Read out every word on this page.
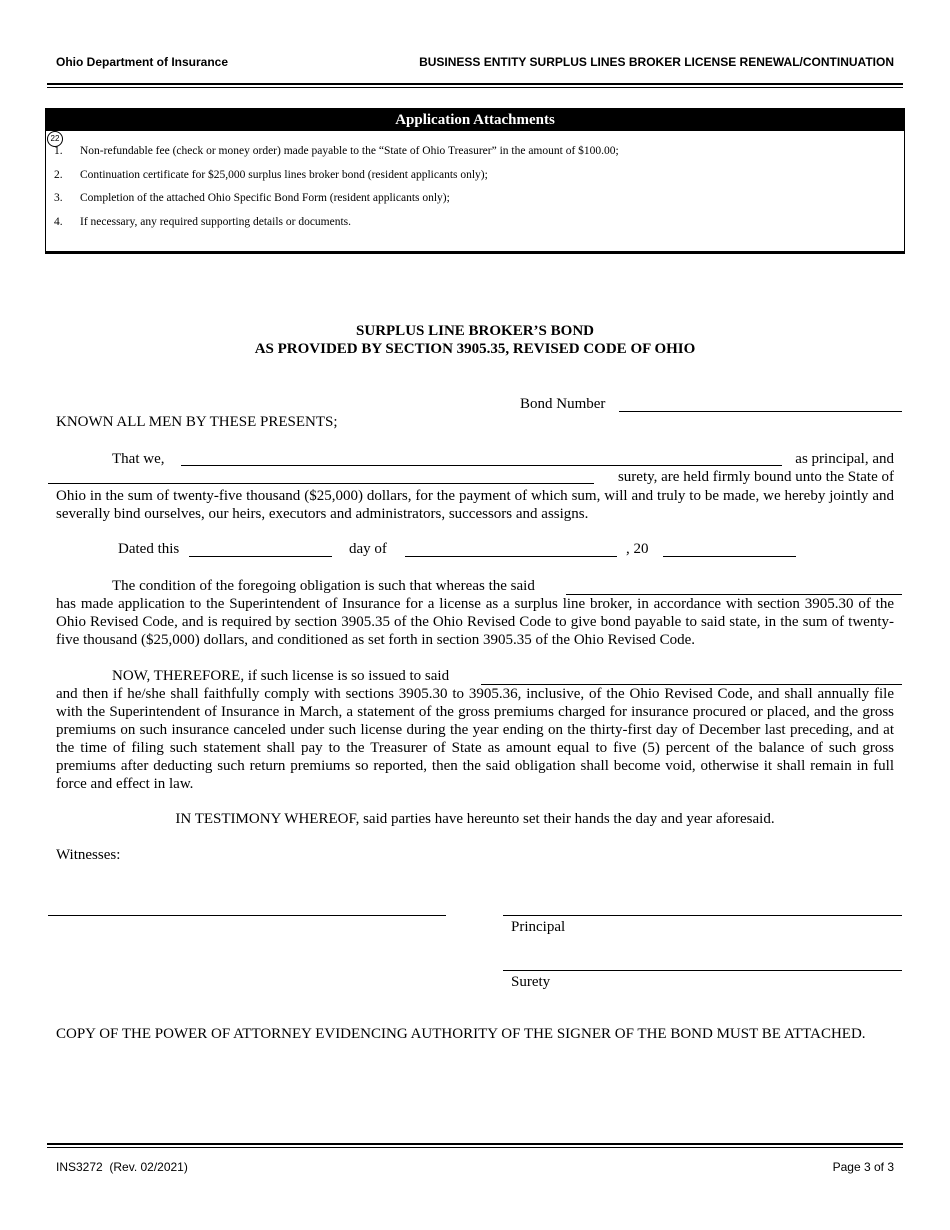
Ohio Department of Insurance	BUSINESS ENTITY SURPLUS LINES BROKER LICENSE RENEWAL/CONTINUATION
Application Attachments
22
1. Non-refundable fee (check or money order) made payable to the “State of Ohio Treasurer” in the amount of $100.00;
2. Continuation certificate for $25,000 surplus lines broker bond (resident applicants only);
3. Completion of the attached Ohio Specific Bond Form (resident applicants only);
4. If necessary, any required supporting details or documents.
SURPLUS LINE BROKER’S BOND
AS PROVIDED BY SECTION 3905.35, REVISED CODE OF OHIO
Bond Number
KNOWN ALL MEN BY THESE PRESENTS;
That we,	as principal, and
surety, are held firmly bound unto the State of
Ohio in the sum of twenty-five thousand ($25,000) dollars, for the payment of which sum, will and truly to be made, we hereby jointly and severally bind ourselves, our heirs, executors and administrators, successors and assigns.
Dated this	day of	, 20
The condition of the foregoing obligation is such that whereas the said
has made application to the Superintendent of Insurance for a license as a surplus line broker, in accordance with section 3905.30 of the Ohio Revised Code, and is required by section 3905.35 of the Ohio Revised Code to give bond payable to said state, in the sum of twenty-five thousand ($25,000) dollars, and conditioned as set forth in section 3905.35 of the Ohio Revised Code.
NOW, THEREFORE, if such license is so issued to said
and then if he/she shall faithfully comply with sections 3905.30 to 3905.36, inclusive, of the Ohio Revised Code, and shall annually file with the Superintendent of Insurance in March, a statement of the gross premiums charged for insurance procured or placed, and the gross premiums on such insurance canceled under such license during the year ending on the thirty-first day of December last preceding, and at the time of filing such statement shall pay to the Treasurer of State as amount equal to five (5) percent of the balance of such gross premiums after deducting such return premiums so reported, then the said obligation shall become void, otherwise it shall remain in full force and effect in law.
IN TESTIMONY WHEREOF, said parties have hereunto set their hands the day and year aforesaid.
Witnesses:
Principal
Surety
COPY OF THE POWER OF ATTORNEY EVIDENCING AUTHORITY OF THE SIGNER OF THE BOND MUST BE ATTACHED.
INS3272  (Rev. 02/2021)	Page 3 of 3
